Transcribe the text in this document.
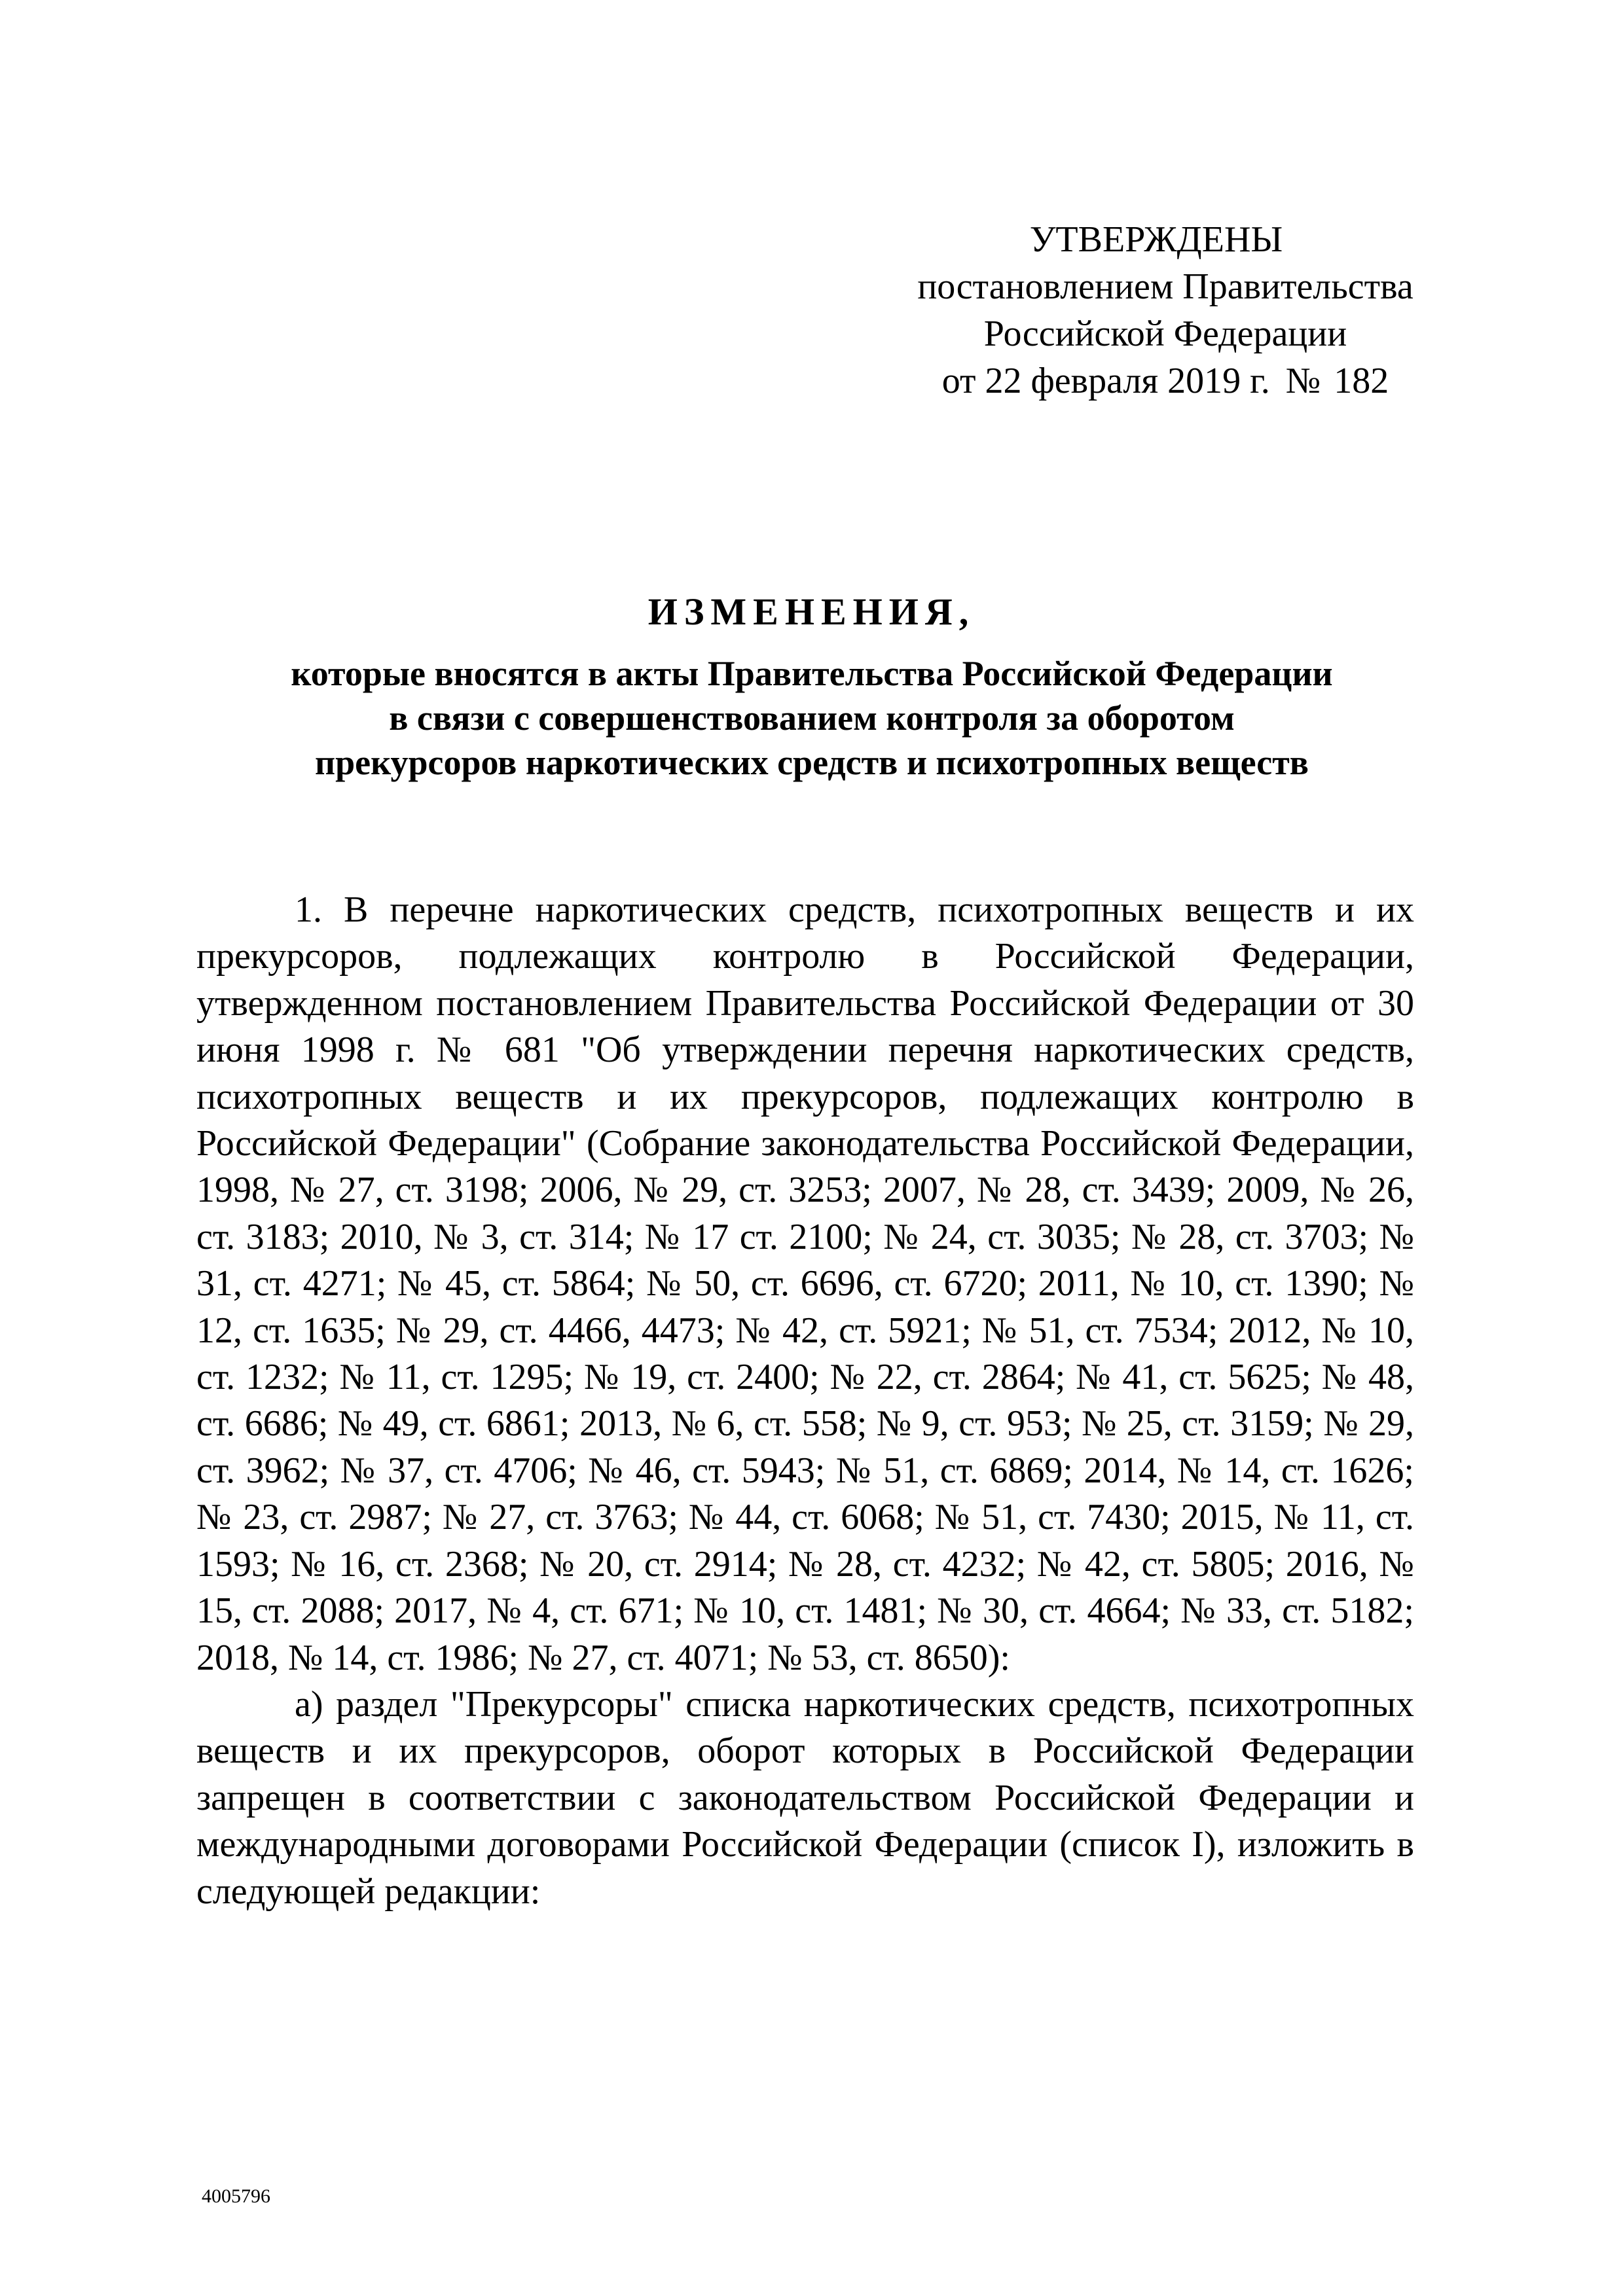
УТВЕРЖДЕНЫ
постановлением Правительства
Российской Федерации
от 22 февраля 2019 г. № 182
ИЗМЕНЕНИЯ,
которые вносятся в акты Правительства Российской Федерации
в связи с совершенствованием контроля за оборотом
прекурсоров наркотических средств и психотропных веществ

1. В перечне наркотических средств, психотропных веществ и их прекурсоров, подлежащих контролю в Российской Федерации, утвержденном постановлением Правительства Российской Федерации от 30 июня 1998 г. № 681 "Об утверждении перечня наркотических средств, психотропных веществ и их прекурсоров, подлежащих контролю в Российской Федерации" (Собрание законодательства Российской Федерации, 1998, № 27, ст. 3198; 2006, № 29, ст. 3253; 2007, № 28, ст. 3439; 2009, № 26, ст. 3183; 2010, № 3, ст. 314; № 17 ст. 2100; № 24, ст. 3035; № 28, ст. 3703; № 31, ст. 4271; № 45, ст. 5864; № 50, ст. 6696, ст. 6720; 2011, № 10, ст. 1390; № 12, ст. 1635; № 29, ст. 4466, 4473; № 42, ст. 5921; № 51, ст. 7534; 2012, № 10, ст. 1232; № 11, ст. 1295; № 19, ст. 2400; № 22, ст. 2864; № 41, ст. 5625; № 48, ст. 6686; № 49, ст. 6861; 2013, № 6, ст. 558; № 9, ст. 953; № 25, ст. 3159; № 29, ст. 3962; № 37, ст. 4706; № 46, ст. 5943; № 51, ст. 6869; 2014, № 14, ст. 1626; № 23, ст. 2987; № 27, ст. 3763; № 44, ст. 6068; № 51, ст. 7430; 2015, № 11, ст. 1593; № 16, ст. 2368; № 20, ст. 2914; № 28, ст. 4232; № 42, ст. 5805; 2016, № 15, ст. 2088; 2017, № 4, ст. 671; № 10, ст. 1481; № 30, ст. 4664; № 33, ст. 5182; 2018, № 14, ст. 1986; № 27, ст. 4071; № 53, ст. 8650):

а) раздел "Прекурсоры" списка наркотических средств, психотропных веществ и их прекурсоров, оборот которых в Российской Федерации запрещен в соответствии с законодательством Российской Федерации и международными договорами Российской Федерации (список I), изложить в следующей редакции:

4005796
